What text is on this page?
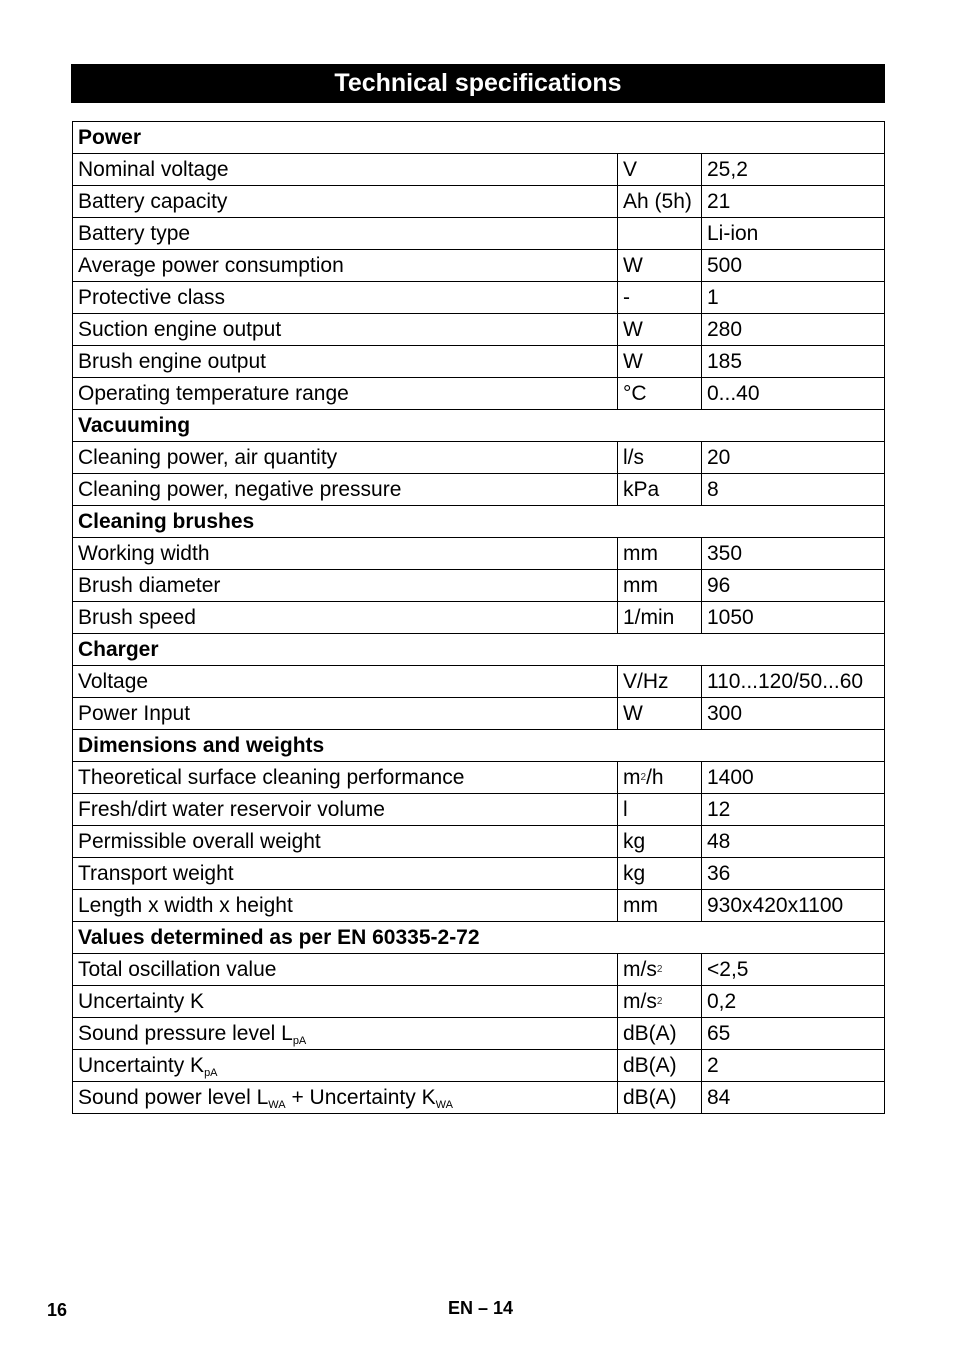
Technical specifications
Power		
Nominal voltage	V	25,2
Battery capacity	Ah (5h)	21
Battery type		Li-ion
Average power consumption	W	500
Protective class	-	1
Suction engine output	W	280
Brush engine output	W	185
Operating temperature range	°C	0...40
Vacuuming		
Cleaning power, air quantity	l/s	20
Cleaning power, negative pressure	kPa	8
Cleaning brushes		
Working width	mm	350
Brush diameter	mm	96
Brush speed	1/min	1050
Charger		
Voltage	V/Hz	110...120/50...60
Power Input	W	300
Dimensions and weights		
Theoretical surface cleaning performance	$m^2/h$	1400
Fresh/dirt water reservoir volume	l	12
Permissible overall weight	kg	48
Transport weight	kg	36
Length x width x height	mm	930x420x1100
Values determined as per EN 60335-2-72		
Total oscillation value	$m/s^2$	<2,5
Uncertainty K	$m/s^2$	0,2
Sound pressure level $L_{pA}$	dB(A)	65
Uncertainty $K_{pA}$	dB(A)	2
Sound power level $L_{WA}$ + Uncertainty $K_{WA}$	dB(A)	84
16	EN – 14
